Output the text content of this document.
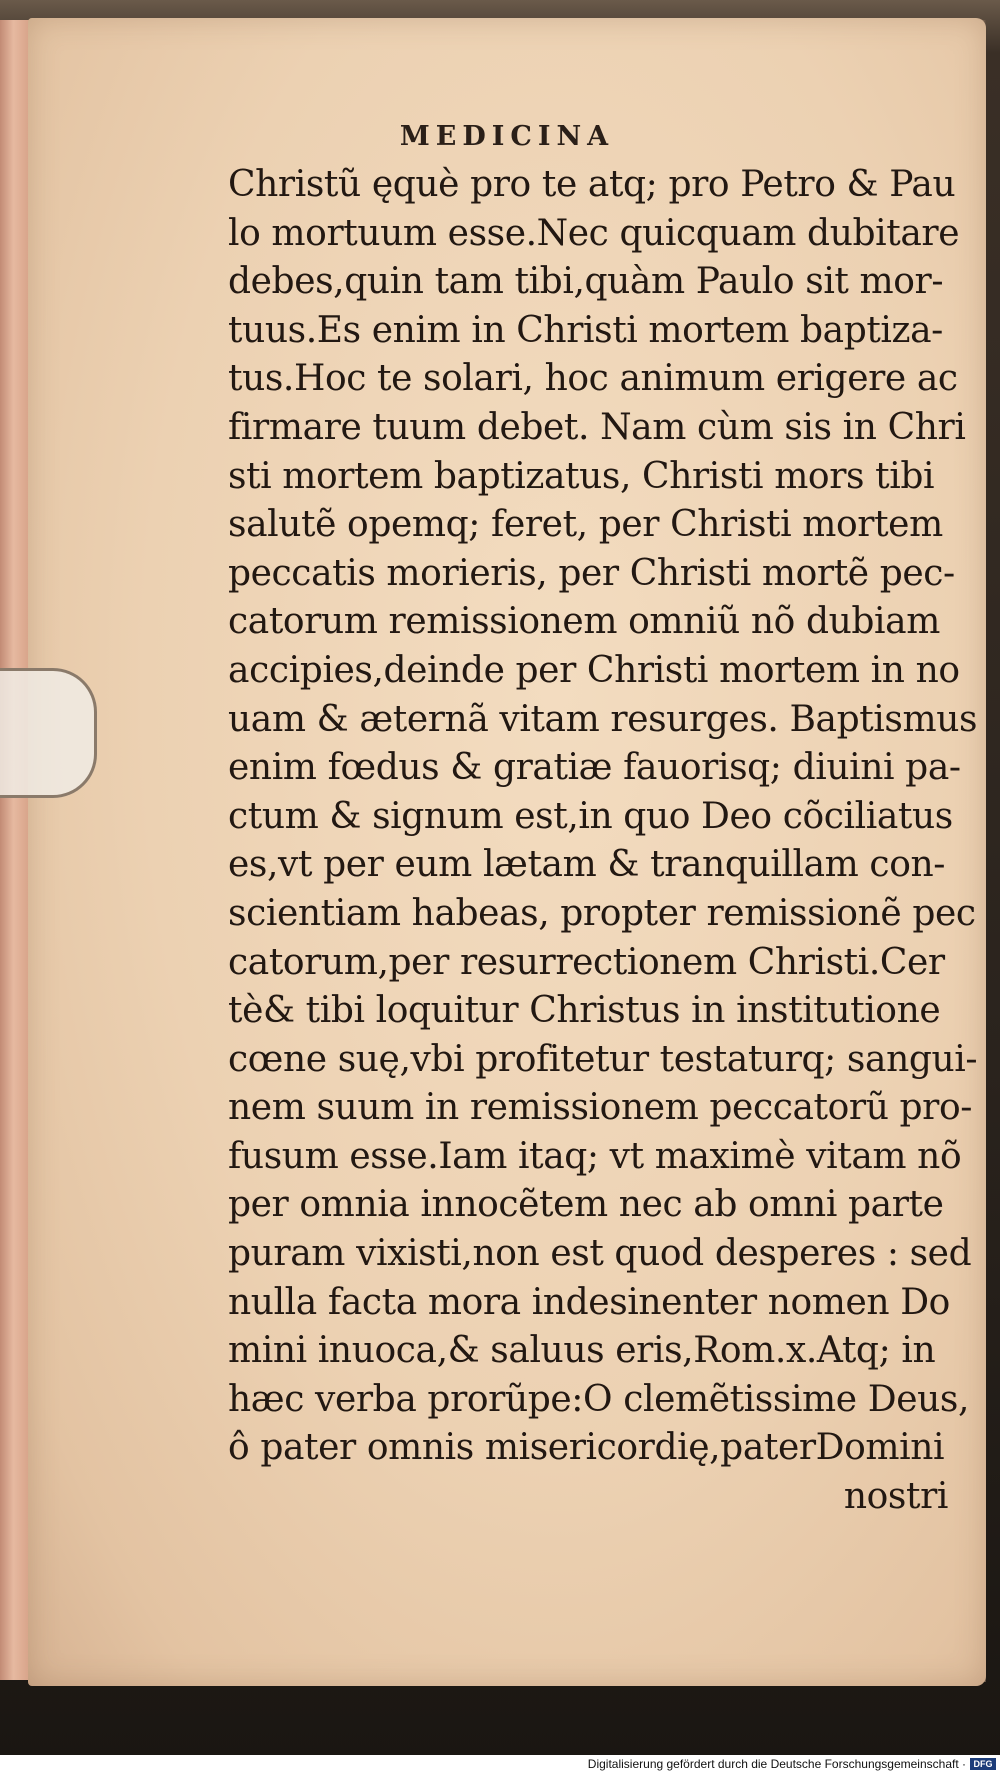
MEDICINA
Christũ ęquè pro te atq; pro Petro & Pau
lo mortuum esse.Nec quicquam dubitare
debes,quin tam tibi,quàm Paulo sit mor-
tuus.Es enim in Christi mortem baptiza-
tus.Hoc te solari, hoc animum erigere ac
firmare tuum debet. Nam cùm sis in Chri
sti mortem baptizatus, Christi mors tibi
salutẽ opemq; feret, per Christi mortem
peccatis morieris, per Christi mortẽ pec-
catorum remissionem omniũ nõ dubiam
accipies,deinde per Christi mortem in no
uam & æternã vitam resurges. Baptismus
enim fœdus & gratiæ fauorisq; diuini pa-
ctum & signum est,in quo Deo cõciliatus
es,vt per eum lætam & tranquillam con-
scientiam habeas, propter remissionẽ pec
catorum,per resurrectionem Christi.Cer
tè& tibi loquitur Christus in institutione
cœne suę,vbi profitetur testaturq; sangui-
nem suum in remissionem peccatorũ pro-
fusum esse.Iam itaq; vt maximè vitam nõ
per omnia innocẽtem nec ab omni parte
puram vixisti,non est quod desperes : sed
nulla facta mora indesinenter nomen Do
mini inuoca,& saluus eris,Rom.x.Atq; in
hæc verba prorũpe:O clemẽtissime Deus,
ô pater omnis misericordię,paterDomini
nostri
Digitalisierung gefördert durch die Deutsche Forschungsgemeinschaft · DFG
